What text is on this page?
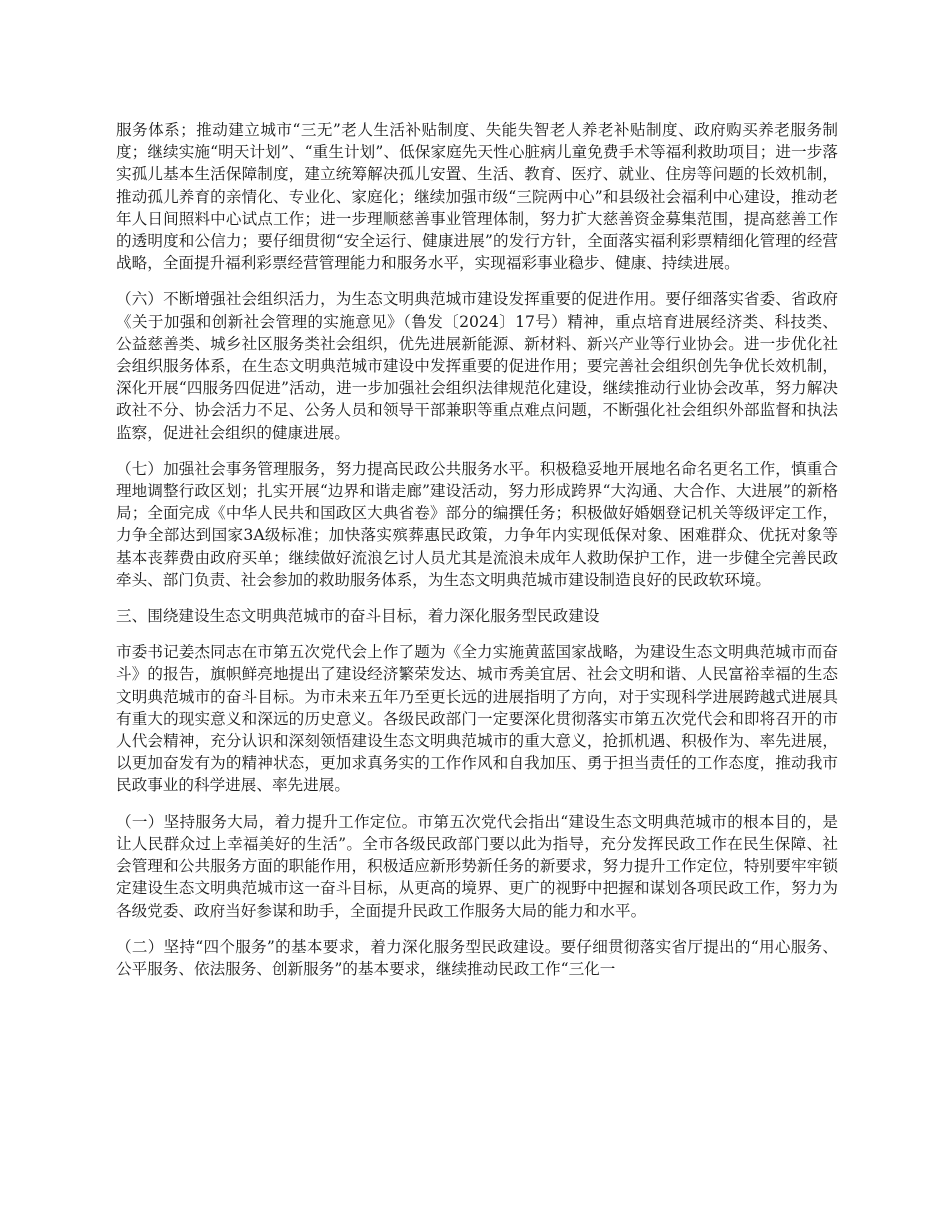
服务体系；推动建立城市“三无”老人生活补贴制度、失能失智老人养老补贴制度、政府购买养老服务制度；继续实施“明天计划”、“重生计划”、低保家庭先天性心脏病儿童免费手术等福利救助项目；进一步落实孤儿基本生活保障制度，建立统筹解决孤儿安置、生活、教育、医疗、就业、住房等问题的长效机制，推动孤儿养育的亲情化、专业化、家庭化；继续加强市级“三院两中心”和县级社会福利中心建设，推动老年人日间照料中心试点工作；进一步理顺慈善事业管理体制，努力扩大慈善资金募集范围，提高慈善工作的透明度和公信力；要仔细贯彻“安全运行、健康进展”的发行方针，全面落实福利彩票精细化管理的经营战略，全面提升福利彩票经营管理能力和服务水平，实现福彩事业稳步、健康、持续进展。

（六）不断增强社会组织活力，为生态文明典范城市建设发挥重要的促进作用。要仔细落实省委、省政府《关于加强和创新社会管理的实施意见》（鲁发〔2024〕17号）精神，重点培育进展经济类、科技类、公益慈善类、城乡社区服务类社会组织，优先进展新能源、新材料、新兴产业等行业协会。进一步优化社会组织服务体系，在生态文明典范城市建设中发挥重要的促进作用；要完善社会组织创先争优长效机制，深化开展“四服务四促进”活动，进一步加强社会组织法律规范化建设，继续推动行业协会改革，努力解决政社不分、协会活力不足、公务人员和领导干部兼职等重点难点问题，不断强化社会组织外部监督和执法监察，促进社会组织的健康进展。

（七）加强社会事务管理服务，努力提高民政公共服务水平。积极稳妥地开展地名命名更名工作，慎重合理地调整行政区划；扎实开展“边界和谐走廊”建设活动，努力形成跨界“大沟通、大合作、大进展”的新格局；全面完成《中华人民共和国政区大典省卷》部分的编撰任务；积极做好婚姻登记机关等级评定工作，力争全部达到国家3A级标准；加快落实殡葬惠民政策，力争年内实现低保对象、困难群众、优抚对象等基本丧葬费由政府买单；继续做好流浪乞讨人员尤其是流浪未成年人救助保护工作，进一步健全完善民政牵头、部门负责、社会参加的救助服务体系，为生态文明典范城市建设制造良好的民政软环境。

三、围绕建设生态文明典范城市的奋斗目标，着力深化服务型民政建设

市委书记姜杰同志在市第五次党代会上作了题为《全力实施黄蓝国家战略，为建设生态文明典范城市而奋斗》的报告，旗帜鲜亮地提出了建设经济繁荣发达、城市秀美宜居、社会文明和谐、人民富裕幸福的生态文明典范城市的奋斗目标。为市未来五年乃至更长远的进展指明了方向，对于实现科学进展跨越式进展具有重大的现实意义和深远的历史意义。各级民政部门一定要深化贯彻落实市第五次党代会和即将召开的市人代会精神，充分认识和深刻领悟建设生态文明典范城市的重大意义，抢抓机遇、积极作为、率先进展，以更加奋发有为的精神状态，更加求真务实的工作作风和自我加压、勇于担当责任的工作态度，推动我市民政事业的科学进展、率先进展。

（一）坚持服务大局，着力提升工作定位。市第五次党代会指出“建设生态文明典范城市的根本目的，是让人民群众过上幸福美好的生活”。全市各级民政部门要以此为指导，充分发挥民政工作在民生保障、社会管理和公共服务方面的职能作用，积极适应新形势新任务的新要求，努力提升工作定位，特别要牢牢锁定建设生态文明典范城市这一奋斗目标，从更高的境界、更广的视野中把握和谋划各项民政工作，努力为各级党委、政府当好参谋和助手，全面提升民政工作服务大局的能力和水平。

（二）坚持“四个服务”的基本要求，着力深化服务型民政建设。要仔细贯彻落实省厅提出的“用心服务、公平服务、依法服务、创新服务”的基本要求，继续推动民政工作“三化一
